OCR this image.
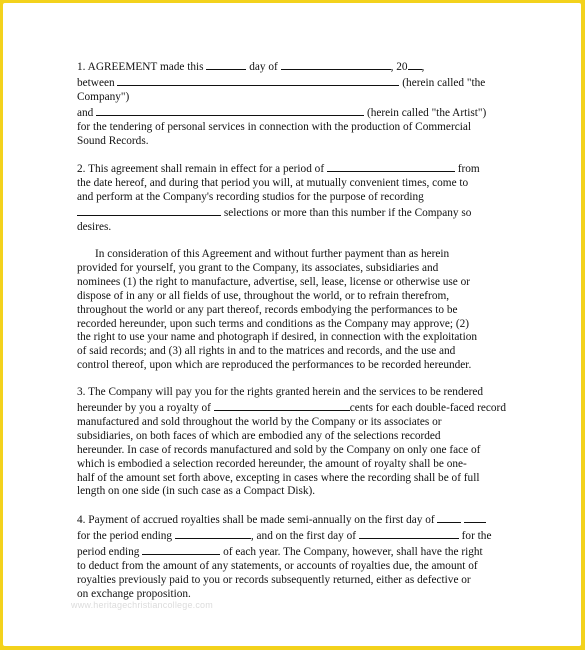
1. AGREEMENT made this	day of	, 20 ,
between	(herein called "the
Company")
and	(herein called "the Artist")
for the tendering of personal services in connection with the production of Commercial
Sound Records.
2. This agreement shall remain in effect for a period of	from
the date hereof, and during that period you will, at mutually convenient times, come to
and perform at the Company's recording studios for the purpose of recording
selections or more than this number if the Company so
desires.
In consideration of this Agreement and without further payment than as herein
provided for yourself, you grant to the Company, its associates, subsidiaries and
nominees (1) the right to manufacture, advertise, sell, lease, license or otherwise use or
dispose of in any or all fields of use, throughout the world, or to refrain therefrom,
throughout the world or any part thereof, records embodying the performances to be
recorded hereunder, upon such terms and conditions as the Company may approve; (2)
the right to use your name and photograph if desired, in connection with the exploitation
of said records; and (3) all rights in and to the matrices and records, and the use and
control thereof, upon which are reproduced the performances to be recorded hereunder.
3. The Company will pay you for the rights granted herein and the services to be rendered
hereunder by you a royalty of	cents for each double-faced record
manufactured and sold throughout the world by the Company or its associates or
subsidiaries, on both faces of which are embodied any of the selections recorded
hereunder. In case of records manufactured and sold by the Company on only one face of
which is embodied a selection recorded hereunder, the amount of royalty shall be one-
half of the amount set forth above, excepting in cases where the recording shall be of full
length on one side (in such case as a Compact Disk).
4. Payment of accrued royalties shall be made semi-annually on the first day of
for the period ending	, and on the first day of	for the
period ending	of each year. The Company, however, shall have the right
to deduct from the amount of any statements, or accounts of royalties due, the amount of
royalties previously paid to you or records subsequently returned, either as defective or
on exchange proposition.
www.heritagechristiancollege.com
